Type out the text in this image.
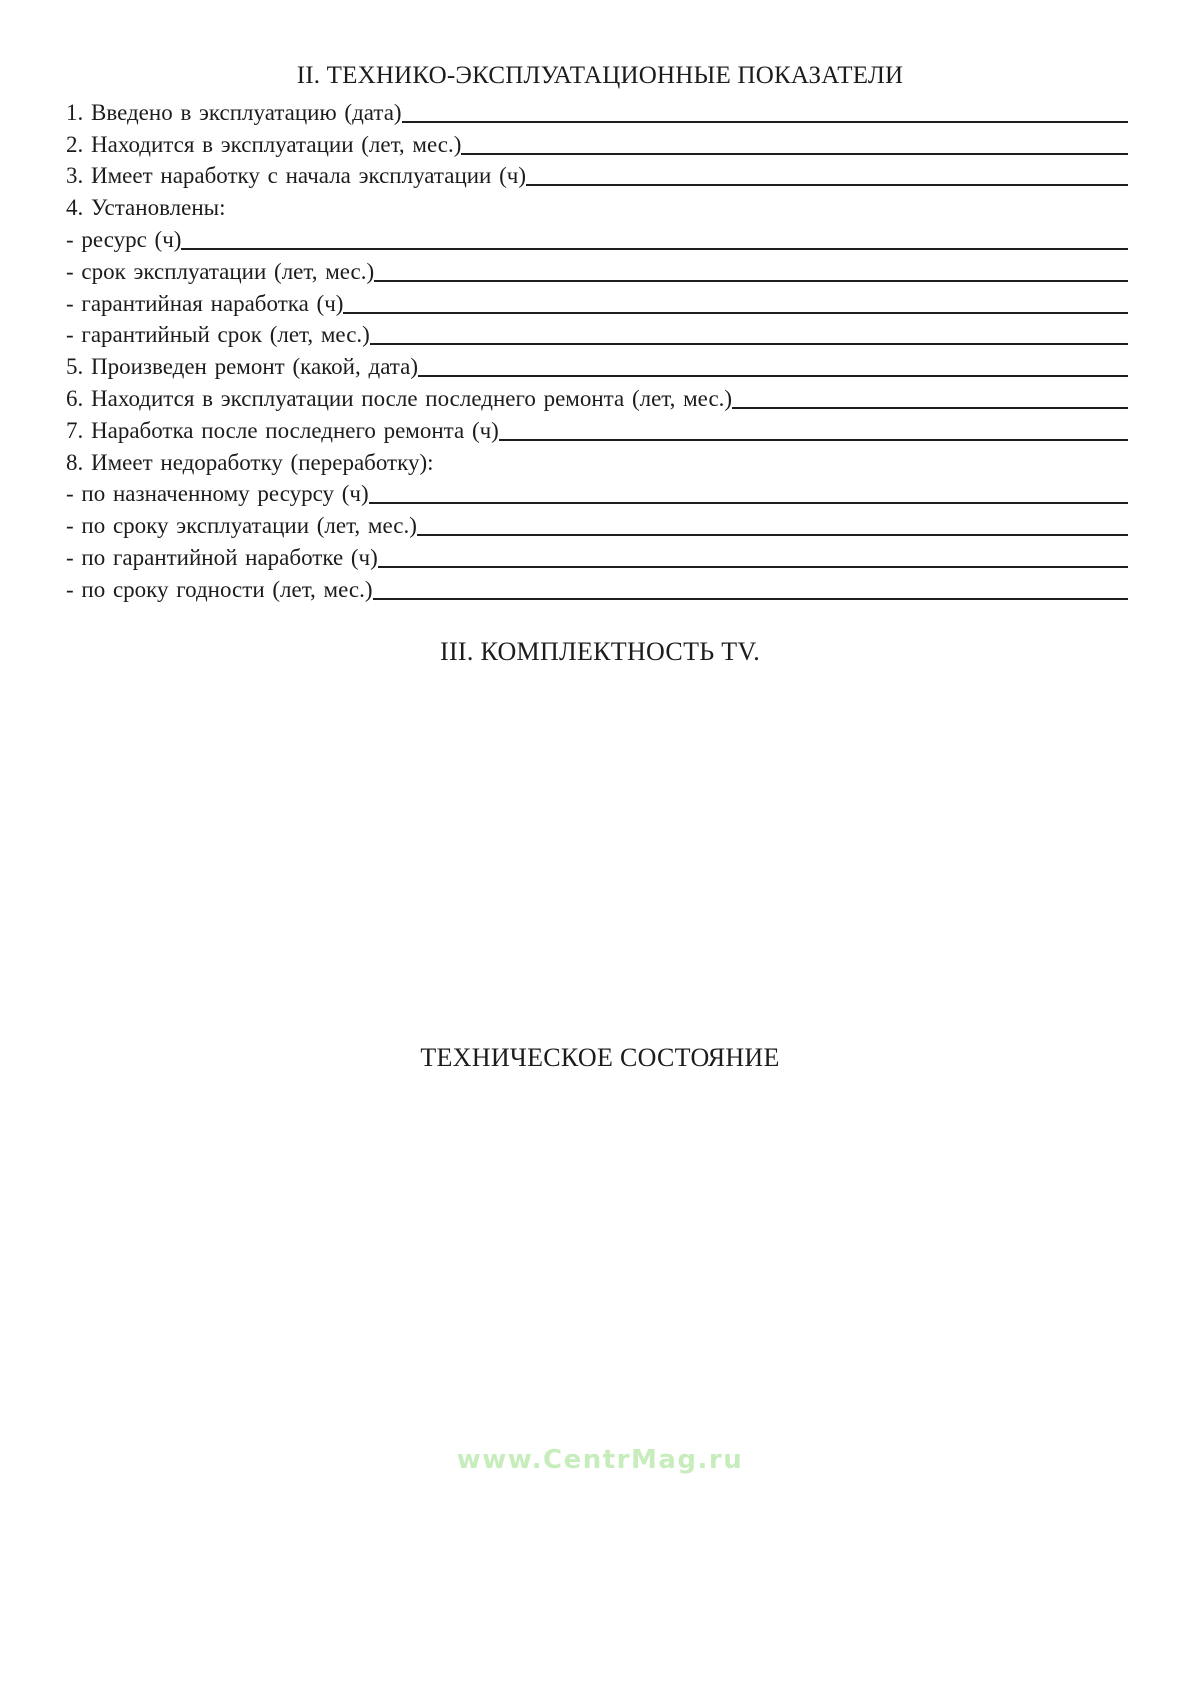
II. ТЕХНИКО-ЭКСПЛУАТАЦИОННЫЕ ПОКАЗАТЕЛИ
1. Введено в эксплуатацию (дата)
2. Находится в эксплуатации (лет, мес.)
3. Имеет наработку с начала эксплуатации (ч)
4. Установлены:
- ресурс (ч)
- срок эксплуатации (лет, мес.)
- гарантийная наработка (ч)
- гарантийный срок (лет, мес.)
5. Произведен ремонт (какой, дата)
6. Находится в эксплуатации после последнего ремонта (лет, мес.)
7. Наработка после последнего ремонта (ч)
8. Имеет недоработку (переработку):
- по назначенному ресурсу (ч)
- по сроку эксплуатации (лет, мес.)
- по гарантийной наработке (ч)
- по сроку годности (лет, мес.)
III. КОМПЛЕКТНОСТЬ TV.
ТЕХНИЧЕСКОЕ СОСТОЯНИЕ
www.CentrMag.ru
